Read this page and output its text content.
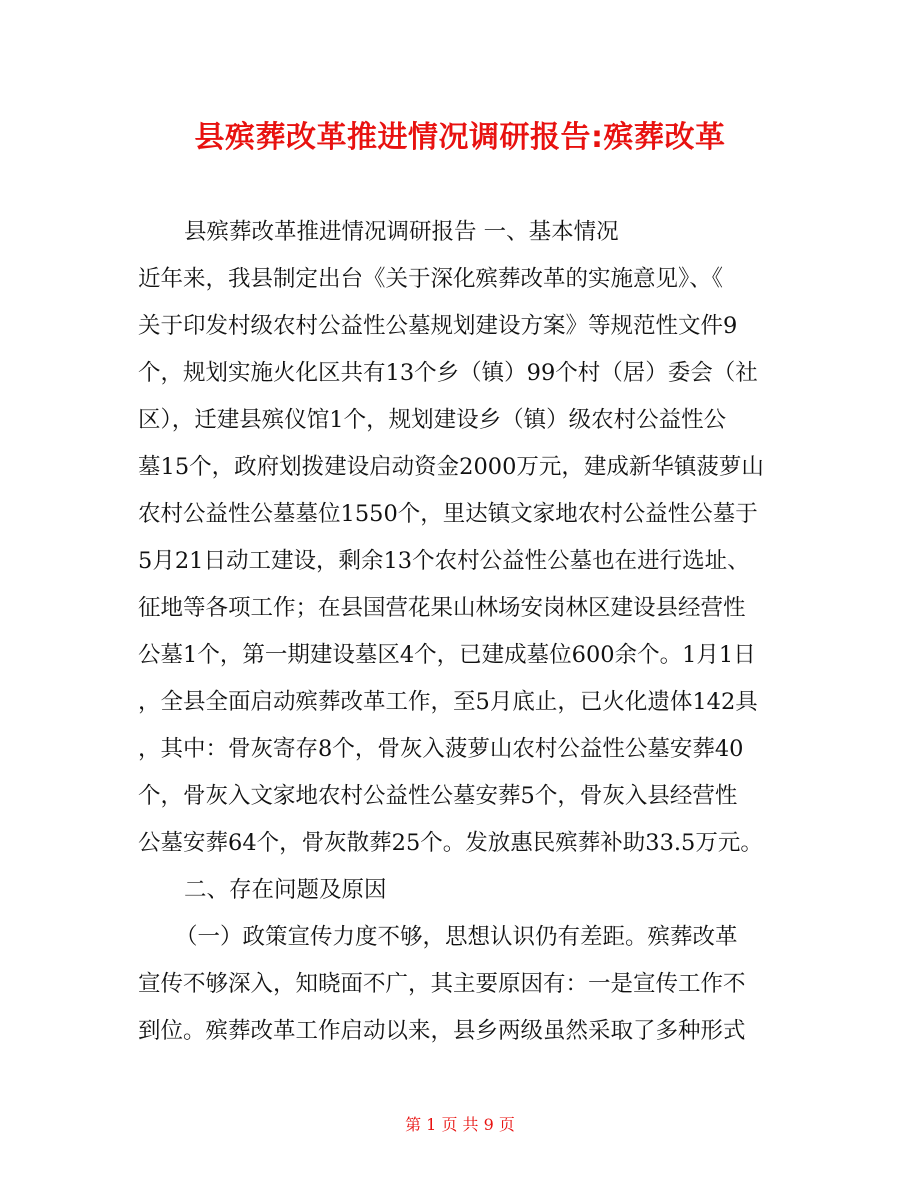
县殡葬改革推进情况调研报告:殡葬改革
县殡葬改革推进情况调研报告 一、基本情况
近年来，我县制定出台《关于深化殡葬改革的实施意见》、《
关于印发村级农村公益性公墓规划建设方案》等规范性文件9
个，规划实施火化区共有13个乡（镇）99个村（居）委会（社
区），迁建县殡仪馆1个，规划建设乡（镇）级农村公益性公
墓15个，政府划拨建设启动资金2000万元，建成新华镇菠萝山
农村公益性公墓墓位1550个，里达镇文家地农村公益性公墓于
5月21日动工建设，剩余13个农村公益性公墓也在进行选址、
征地等各项工作；在县国营花果山林场安岗林区建设县经营性
公墓1个，第一期建设墓区4个，已建成墓位600余个。1月1日
，全县全面启动殡葬改革工作，至5月底止，已火化遗体142具
，其中：骨灰寄存8个，骨灰入菠萝山农村公益性公墓安葬40
个，骨灰入文家地农村公益性公墓安葬5个，骨灰入县经营性
公墓安葬64个，骨灰散葬25个。发放惠民殡葬补助33.5万元。
二、存在问题及原因
（一）政策宣传力度不够，思想认识仍有差距。殡葬改革
宣传不够深入，知晓面不广，其主要原因有：一是宣传工作不
到位。殡葬改革工作启动以来，县乡两级虽然采取了多种形式
第 1 页 共 9 页
